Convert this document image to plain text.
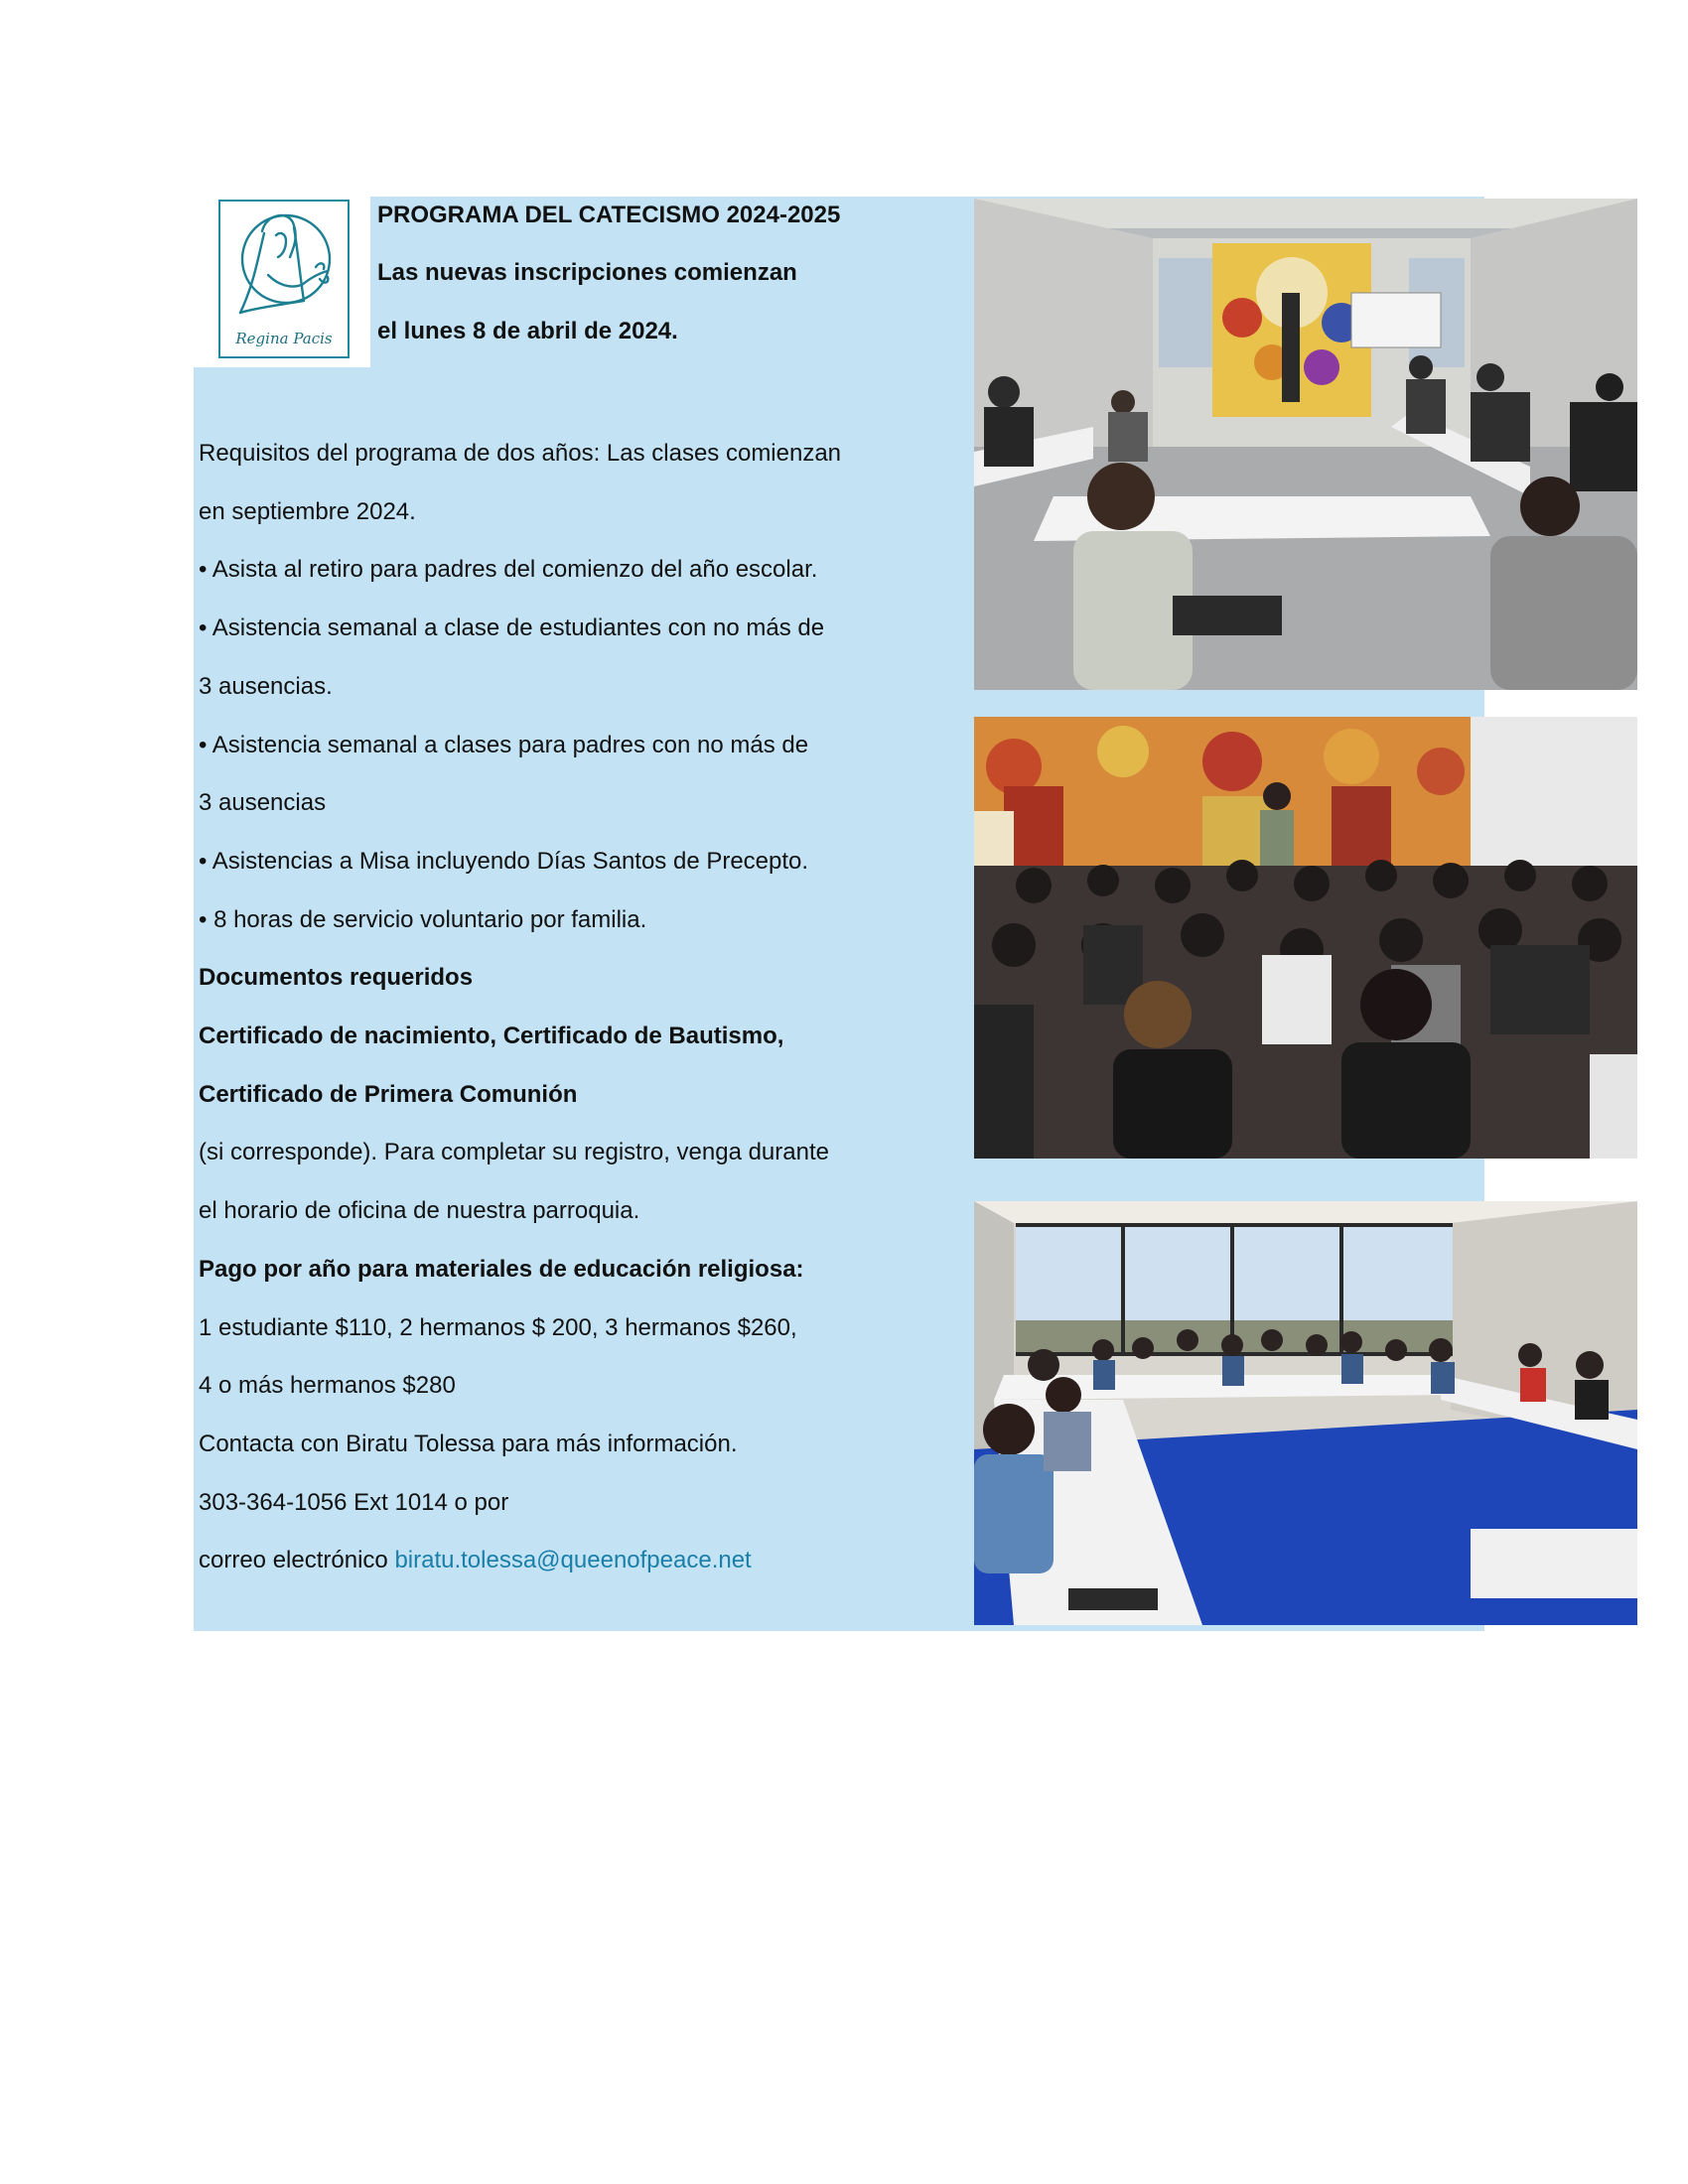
Regina Pacis
PROGRAMA DEL CATECISMO 2024-2025
Las nuevas inscripciones comienzan
el lunes 8 de abril de 2024.
Requisitos del programa de dos años: Las clases comienzan
en septiembre 2024.
• Asista al retiro para padres del comienzo del año escolar.
• Asistencia semanal a clase de estudiantes con no más de
3 ausencias.
• Asistencia semanal a clases para padres con no más de
3 ausencias
• Asistencias a Misa incluyendo Días Santos de Precepto.
• 8 horas de servicio voluntario por familia.
Documentos requeridos
Certificado de nacimiento, Certificado de Bautismo,
Certificado de Primera Comunión
(si corresponde). Para completar su registro, venga durante
el horario de oficina de nuestra parroquia.
Pago por año para materiales de educación religiosa:
1 estudiante $110, 2 hermanos $ 200, 3 hermanos $260,
4 o más hermanos $280
Contacta con Biratu Tolessa para más información.
303-364-1056 Ext 1014 o por
correo electrónico biratu.tolessa@queenofpeace.net
